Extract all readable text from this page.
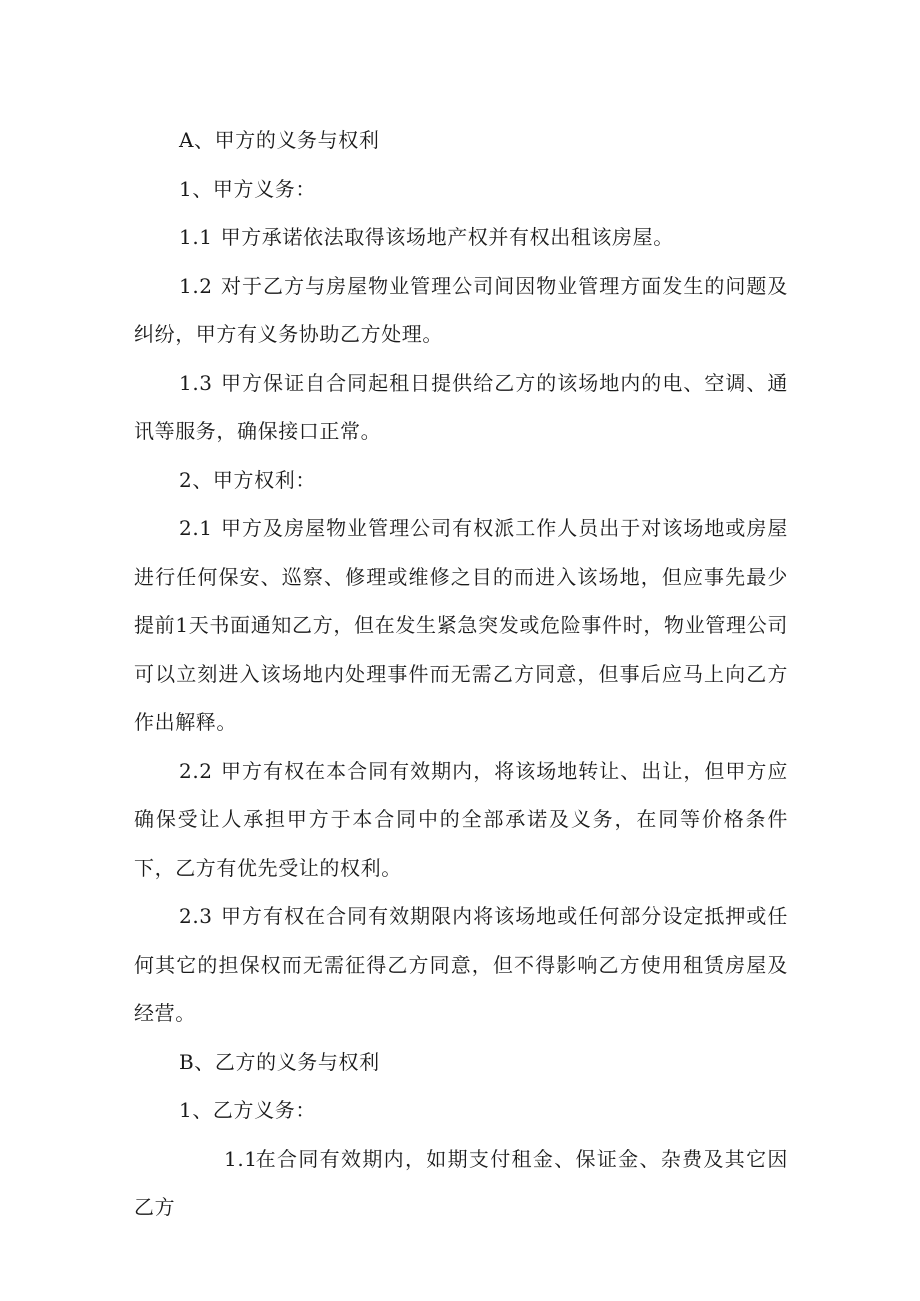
A、甲方的义务与权利

1、甲方义务：

1.1 甲方承诺依法取得该场地产权并有权出租该房屋。

1.2 对于乙方与房屋物业管理公司间因物业管理方面发生的问题及纠纷，甲方有义务协助乙方处理。

1.3 甲方保证自合同起租日提供给乙方的该场地内的电、空调、通讯等服务，确保接口正常。

2、甲方权利：

2.1 甲方及房屋物业管理公司有权派工作人员出于对该场地或房屋进行任何保安、巡察、修理或维修之目的而进入该场地，但应事先最少提前1天书面通知乙方，但在发生紧急突发或危险事件时，物业管理公司可以立刻进入该场地内处理事件而无需乙方同意，但事后应马上向乙方作出解释。

2.2 甲方有权在本合同有效期内，将该场地转让、出让，但甲方应确保受让人承担甲方于本合同中的全部承诺及义务，在同等价格条件下，乙方有优先受让的权利。

2.3 甲方有权在合同有效期限内将该场地或任何部分设定抵押或任何其它的担保权而无需征得乙方同意，但不得影响乙方使用租赁房屋及经营。

B、乙方的义务与权利

1、乙方义务：

1.1在合同有效期内，如期支付租金、保证金、杂费及其它因乙方
